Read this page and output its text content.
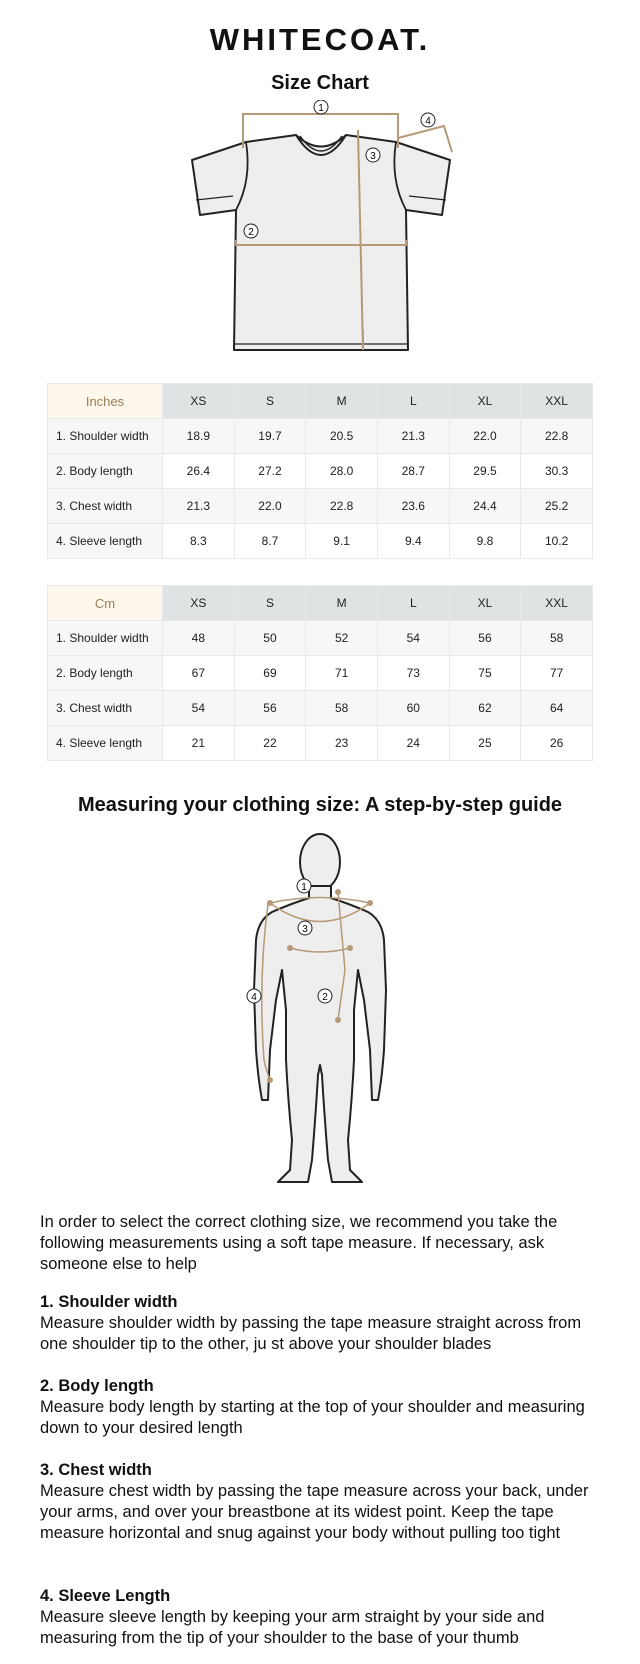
WHITECOAT.
Size Chart
1
2
3
4
Inches	XS	S	M	L	XL	XXL
1. Shoulder width	18.9	19.7	20.5	21.3	22.0	22.8
2. Body length	26.4	27.2	28.0	28.7	29.5	30.3
3. Chest width	21.3	22.0	22.8	23.6	24.4	25.2
4. Sleeve length	8.3	8.7	9.1	9.4	9.8	10.2
Cm	XS	S	M	L	XL	XXL
1. Shoulder width	48	50	52	54	56	58
2. Body length	67	69	71	73	75	77
3. Chest width	54	56	58	60	62	64
4. Sleeve length	21	22	23	24	25	26
Measuring your clothing size: A step-by-step guide
1
2
3
4

In order to select the correct clothing size, we recommend you take the following measurements using a soft tape measure. If necessary, ask someone else to help

1. Shoulder width

Measure shoulder width by passing the tape measure straight across from one shoulder tip to the other, ju st above your shoulder blades

2. Body length

Measure body length by starting at the top of your shoulder and measuring down to your desired length

3. Chest width

Measure chest width by passing the tape measure across your back, under your arms, and over your breastbone at its widest point. Keep the tape measure horizontal and snug against your body without pulling too tight

4. Sleeve Length

Measure sleeve length by keeping your arm straight by your side and measuring from the tip of your shoulder to the base of your thumb
